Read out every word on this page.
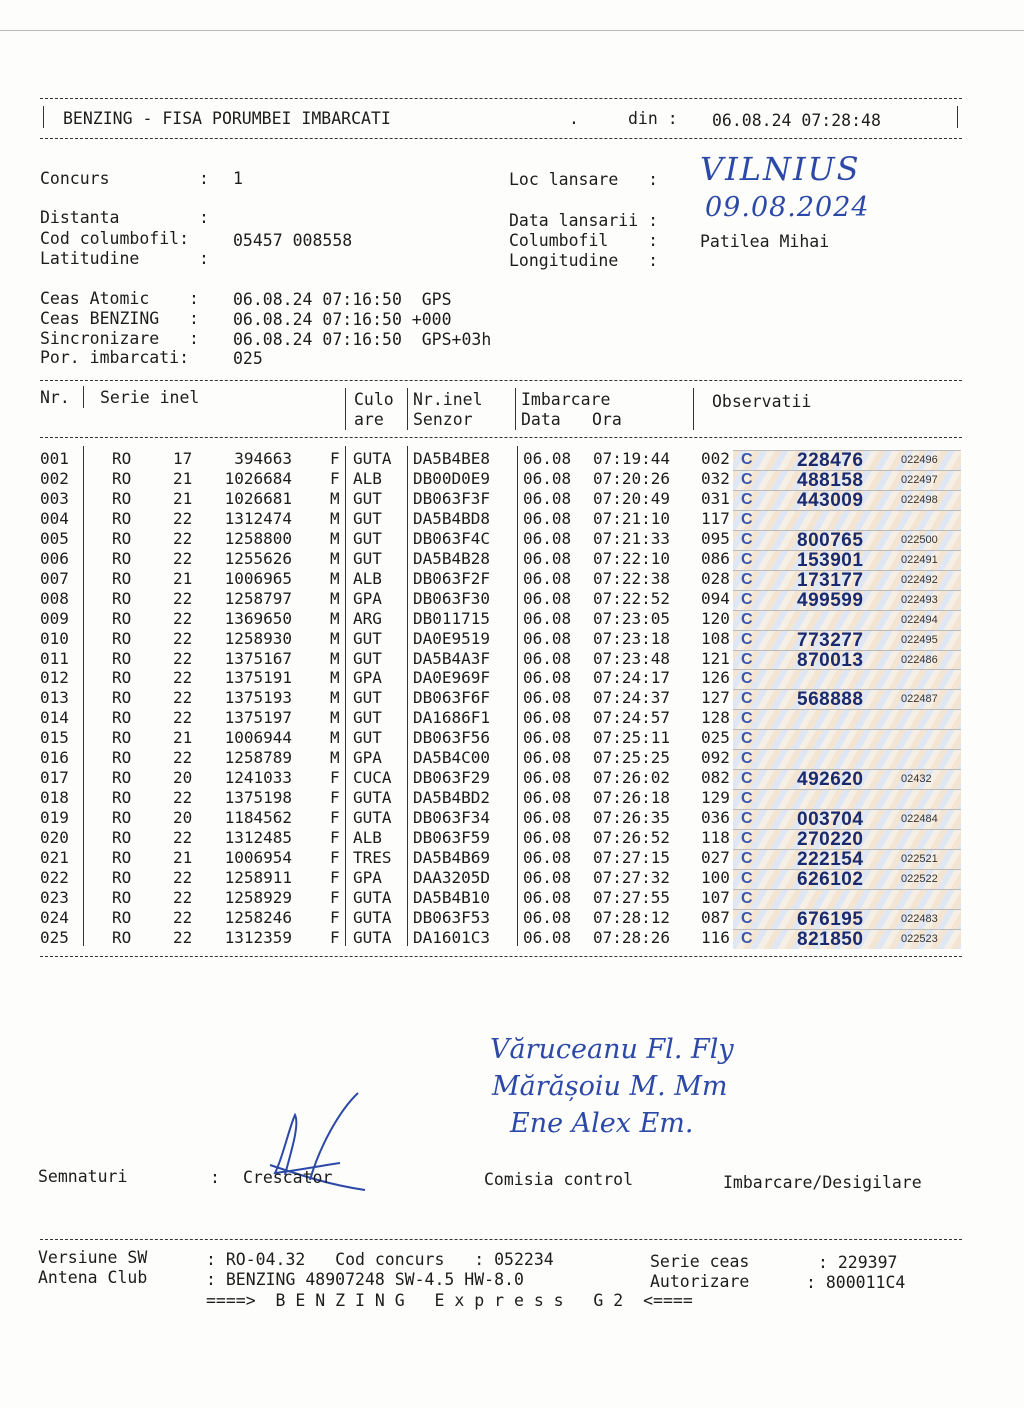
BENZING - FISA PORUMBEI IMBARCATI	.	din : 06.08.24 07:28:48
Concurs         : 1	Loc lansare   : VILNIUS
Distanta        :	Data lansarii : 09.08.2024
Cod columbofil:	05457 008558	Columbofil    :	Patilea Mihai
Latitudine      :	Longitudine   :
Ceas Atomic    : 06.08.24 07:16:50  GPS
Ceas BENZING   : 06.08.24 07:16:50 +000
Sincronizare   : 06.08.24 07:16:50  GPS+03h
Por. imbarcati:	025
Nr. Serie inel	Culo
are
Nr.inel
Senzor
Imbarcare
Data Ora
Observatii
001	RO	17	394663 F GUTA DA5B4BE8 06.08 07:19:44 002 C 228476	022496
002	RO	21 1026684 F ALB DB00D0E9 06.08 07:20:26 032 C 488158	022497
003	RO	21 1026681 M GUT DB063F3F 06.08 07:20:49 031 C 443009	022498
004	RO	22 1312474 M GUT DA5B4BD8 06.08 07:21:10 117 C
005	RO	22 1258800 M GUT DB063F4C 06.08 07:21:33 095 C 800765	022500
006	RO	22 1255626 M GUT DA5B4B28 06.08 07:22:10 086 C 153901	022491
007	RO	21 1006965 M ALB DB063F2F 06.08 07:22:38 028 C 173177	022492
008	RO	22 1258797 M GPA DB063F30 06.08 07:22:52 094 C 499599	022493
009	RO	22 1369650 M ARG DB011715 06.08 07:23:05 120 C	022494
010	RO	22 1258930 M GUT DA0E9519 06.08 07:23:18 108 C 773277	022495
011	RO	22 1375167 M GUT DA5B4A3F 06.08 07:23:48 121 C 870013	022486
012	RO	22 1375191 M GPA DA0E969F 06.08 07:24:17 126 C
013	RO	22 1375193 M GUT DB063F6F 06.08 07:24:37 127 C 568888	022487
014	RO	22 1375197 M GUT DA1686F1 06.08 07:24:57 128 C
015	RO	21 1006944 M GUT DB063F56 06.08 07:25:11 025 C
016	RO	22 1258789 M GPA DA5B4C00 06.08 07:25:25 092 C
017	RO	20 1241033 F CUCA DB063F29 06.08 07:26:02 082 C 492620	02432
018	RO	22 1375198 F GUTA DA5B4BD2 06.08 07:26:18 129 C
019	RO	20 1184562 F GUTA DB063F34 06.08 07:26:35 036 C 003704	022484
020	RO	22 1312485 F ALB DB063F59 06.08 07:26:52 118 C 270220
021	RO	21 1006954 F TRES DA5B4B69 06.08 07:27:15 027 C 222154	022521
022	RO	22 1258911 F GPA DAA3205D 06.08 07:27:32 100 C 626102	022522
023	RO	22 1258929 F GUTA DA5B4B10 06.08 07:27:55 107 C
024	RO	22 1258246 F GUTA DB063F53 06.08 07:28:12 087 C 676195	022483
025	RO	22 1312359 F GUTA DA1601C3 06.08 07:28:26 116 C 821850	022523
Văruceanu Fl. Fly
Mărășoiu M. Mm
Ene Alex Em.
Semnaturi	: Crescator	Comisia control	Imbarcare/Desigilare
Versiune SW	: RO-04.32   Cod concurs   : 052234	Serie ceas	: 229397
Antena Club	: BENZING 48907248 SW-4.5 HW-8.0	Autorizare	: 800011C4
====>  B E N Z I N G   E x p r e s s   G 2  <====
